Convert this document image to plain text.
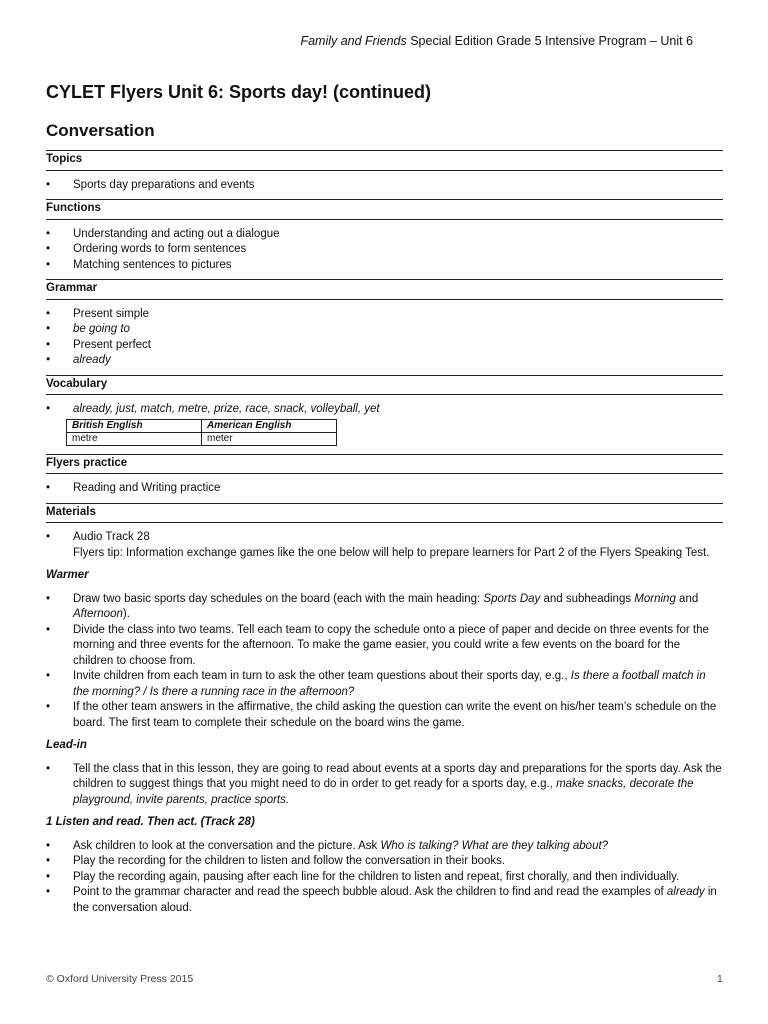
Family and Friends Special Edition Grade 5 Intensive Program – Unit 6
CYLET Flyers Unit 6: Sports day! (continued)
Conversation
Topics
• Sports day preparations and events
Functions
• Understanding and acting out a dialogue
• Ordering words to form sentences
• Matching sentences to pictures
Grammar
• Present simple
• be going to
• Present perfect
• already
Vocabulary
• already, just, match, metre, prize, race, snack, volleyball, yet
British English	American English
metre	meter
Flyers practice
• Reading and Writing practice
Materials
• Audio Track 28
Flyers tip: Information exchange games like the one below will help to prepare learners for Part 2 of the Flyers Speaking Test.
Warmer
• Draw two basic sports day schedules on the board (each with the main heading: Sports Day and subheadings Morning and Afternoon).
• Divide the class into two teams. Tell each team to copy the schedule onto a piece of paper and decide on three events for the morning and three events for the afternoon. To make the game easier, you could write a few events on the board for the children to choose from.
• Invite children from each team in turn to ask the other team questions about their sports day, e.g., Is there a football match in the morning? / Is there a running race in the afternoon?
• If the other team answers in the affirmative, the child asking the question can write the event on his/her team’s schedule on the board. The first team to complete their schedule on the board wins the game.
Lead-in
• Tell the class that in this lesson, they are going to read about events at a sports day and preparations for the sports day. Ask the children to suggest things that you might need to do in order to get ready for a sports day, e.g., make snacks, decorate the playground, invite parents, practice sports.
1 Listen and read. Then act. (Track 28)
• Ask children to look at the conversation and the picture. Ask Who is talking? What are they talking about?
• Play the recording for the children to listen and follow the conversation in their books.
• Play the recording again, pausing after each line for the children to listen and repeat, first chorally, and then individually.
• Point to the grammar character and read the speech bubble aloud. Ask the children to find and read the examples of already in the conversation aloud.
© Oxford University Press 2015	1
